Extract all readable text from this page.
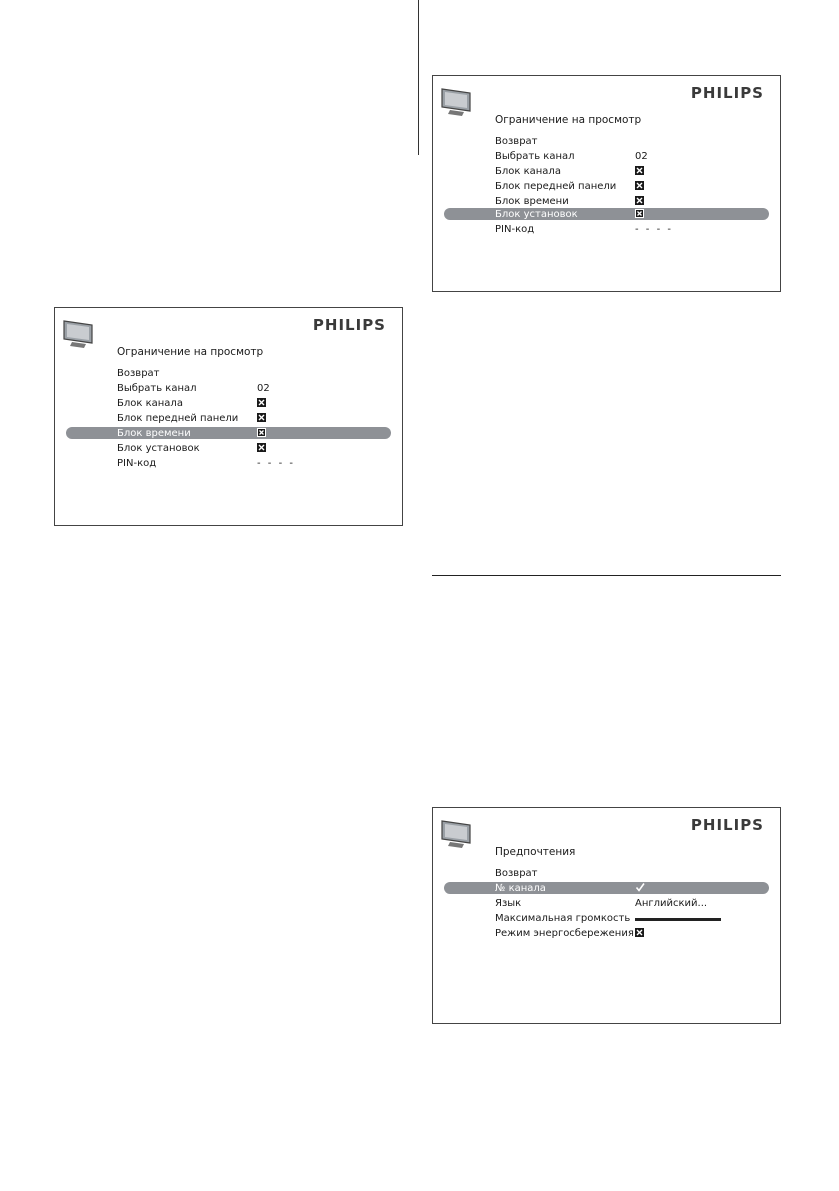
PHILIPS
Ограничение на просмотр
Возврат
Выбрать канал	02
Блок канала
Блок передней панели
Блок времени
Блок установок
PIN-код	- - - -
PHILIPS
Ограничение на просмотр
Возврат
Выбрать канал	02
Блок канала
Блок передней панели
Блок времени
Блок установок
PIN-код	- - - -
PHILIPS
Предпочтения
Возврат
№ канала
Язык	Английский...
Максимальная громкость
Режим энергосбережения
